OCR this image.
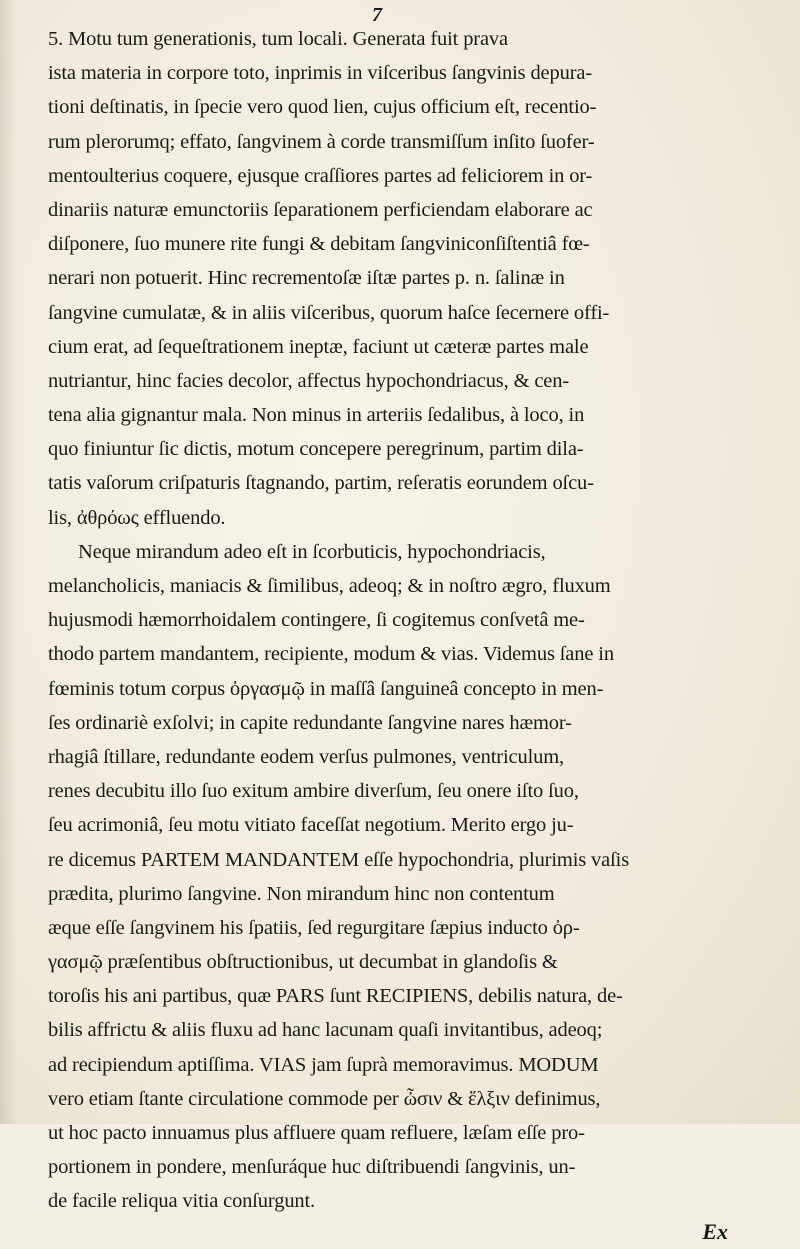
7
5. Motu tum generationis, tum locali. Generata fuit prava
ista materia in corpore toto, inprimis in viſceribus ſangvinis depura-
tioni deſtinatis, in ſpecie vero quod lien, cujus officium eſt, recentio-
rum plerorumq; effato, ſangvinem à corde transmiſſum inſito ſuofer-
mentoulterius coquere, ejusque craſſiores partes ad feliciorem in or-
dinariis naturæ emunctoriis ſeparationem perficiendam elaborare ac
diſponere, ſuo munere rite fungi & debitam ſangviniconſiſtentiâ fœ-
nerari non potuerit. Hinc recrementoſæ iſtæ partes p. n. ſalinæ in
ſangvine cumulatæ, & in aliis viſceribus, quorum haſce ſecernere offi-
cium erat, ad ſequeſtrationem ineptæ, faciunt ut cæteræ partes male
nutriantur, hinc facies decolor, affectus hypochondriacus, & cen-
tena alia gignantur mala. Non minus in arteriis ſedalibus, à loco, in
quo finiuntur ſic dictis, motum concepere peregrinum, partim dila-
tatis vaſorum criſpaturis ſtagnando, partim, reſeratis eorundem oſcu-
lis, ἀθρόως effluendo.
Neque mirandum adeo eſt in ſcorbuticis, hypochondriacis,
melancholicis, maniacis & ſimilibus, adeoq; & in noſtro ægro, fluxum
hujusmodi hæmorrhoidalem contingere, ſi cogitemus conſvetâ me-
thodo partem mandantem, recipiente, modum & vias. Videmus ſane in
fœminis totum corpus ὀργασμῷ in maſſâ ſanguineâ concepto in men-
ſes ordinariè exſolvi; in capite redundante ſangvine nares hæmor-
rhagiâ ſtillare, redundante eodem verſus pulmones, ventriculum,
renes decubitu illo ſuo exitum ambire diverſum, ſeu onere iſto ſuo,
ſeu acrimoniâ, ſeu motu vitiato faceſſat negotium. Merito ergo ju-
re dicemus PARTEM MANDANTEM eſſe hypochondria, plurimis vaſis
prædita, plurimo ſangvine. Non mirandum hinc non contentum
æque eſſe ſangvinem his ſpatiis, ſed regurgitare ſæpius inducto ὀρ-
γασμῷ præſentibus obſtructionibus, ut decumbat in glandoſis &
toroſis his ani partibus, quæ PARS ſunt RECIPIENS, debilis natura, de-
bilis affrictu & aliis fluxu ad hanc lacunam quaſi invitantibus, adeoq;
ad recipiendum aptiſſima. VIAS jam ſuprà memoravimus. MODUM
vero etiam ſtante circulatione commode per ὦσιν & ἕλξιν definimus,
ut hoc pacto innuamus plus affluere quam refluere, læſam eſſe pro-
portionem in pondere, menſuráque huc diſtribuendi ſangvinis, un-
de facile reliqua vitia conſurgunt.
Ex
